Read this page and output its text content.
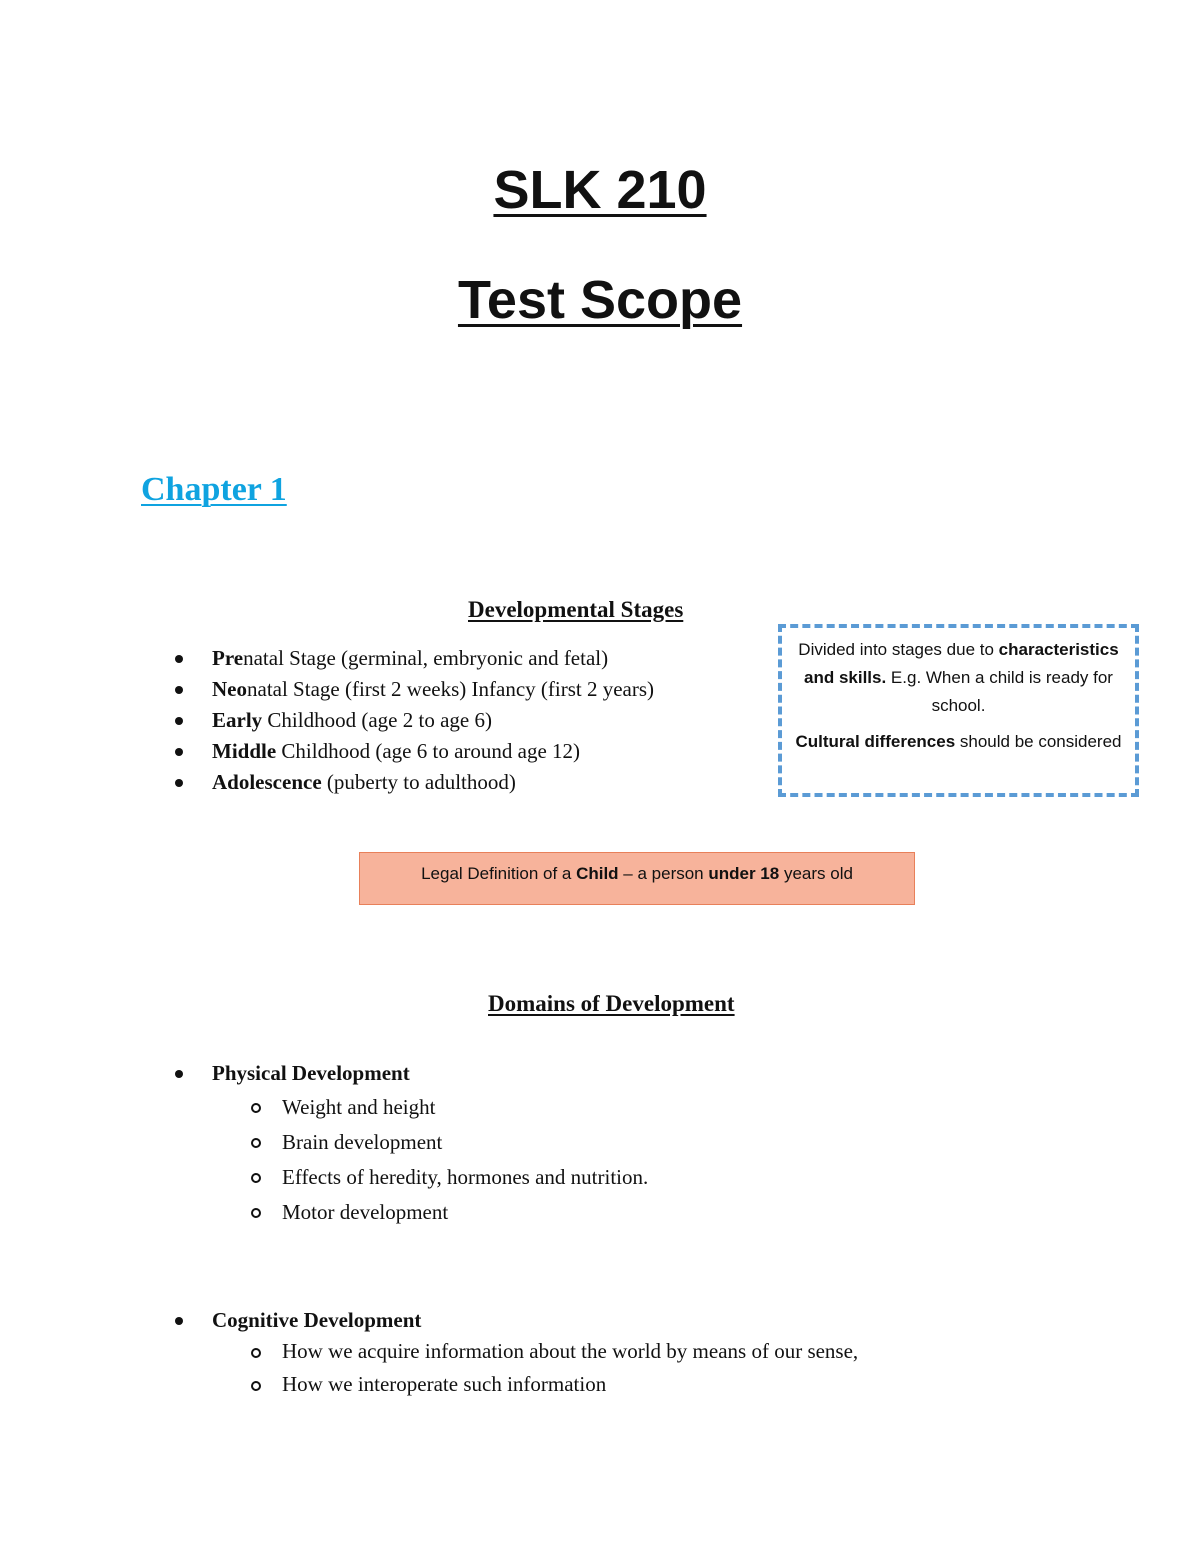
SLK 210
Test Scope
Chapter 1
Developmental Stages
Prenatal Stage (germinal, embryonic and fetal)
Neonatal Stage (first 2 weeks) Infancy (first 2 years)
Early Childhood (age 2 to age 6)
Middle Childhood (age 6 to around age 12)
Adolescence (puberty to adulthood)

Divided into stages due to characteristics and skills. E.g. When a child is ready for school.

Cultural differences should be considered

Legal Definition of a Child – a person under 18 years old
Domains of Development
Physical Development
Weight and height
Brain development
Effects of heredity, hormones and nutrition.
Motor development
Cognitive Development
How we acquire information about the world by means of our sense,
How we interoperate such information
